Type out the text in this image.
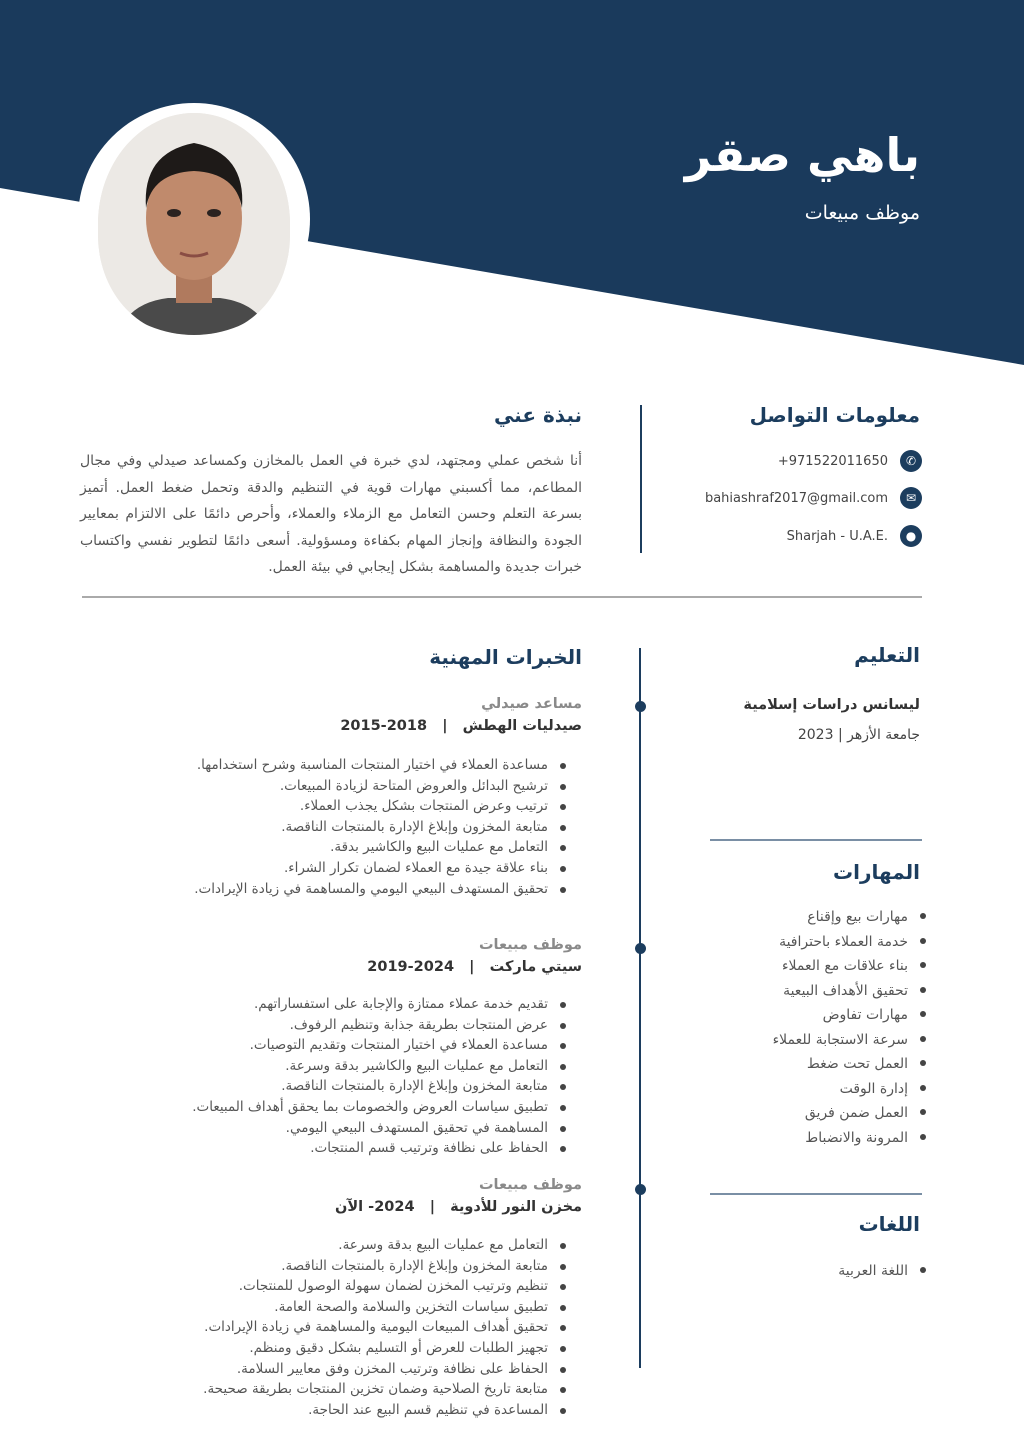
باهي صقر
موظف مبيعات
معلومات التواصل
+971522011650	✆
bahiashraf2017@gmail.com	✉
Sharjah - U.A.E.	●
نبذة عني
أنا شخص عملي ومجتهد، لدي خبرة في العمل بالمخازن وكمساعد صيدلي وفي مجال المطاعم، مما أكسبني مهارات قوية في التنظيم والدقة وتحمل ضغط العمل. أتميز بسرعة التعلم وحسن التعامل مع الزملاء والعملاء، وأحرص دائمًا على الالتزام بمعايير الجودة والنظافة وإنجاز المهام بكفاءة ومسؤولية. أسعى دائمًا لتطوير نفسي واكتساب خبرات جديدة والمساهمة بشكل إيجابي في بيئة العمل.
التعليم
ليسانس دراسات إسلامية
جامعة الأزهر | 2023
المهارات
مهارات بيع وإقناع
خدمة العملاء باحترافية
بناء علاقات مع العملاء
تحقيق الأهداف البيعية
مهارات تفاوض
سرعة الاستجابة للعملاء
العمل تحت ضغط
إدارة الوقت
العمل ضمن فريق
المرونة والانضباط
اللغات
اللغة العربية
الخبرات المهنية
مساعد صيدلي
صيدليات الهطش   |   2018-2015
مساعدة العملاء في اختيار المنتجات المناسبة وشرح استخدامها.
ترشيح البدائل والعروض المتاحة لزيادة المبيعات.
ترتيب وعرض المنتجات بشكل يجذب العملاء.
متابعة المخزون وإبلاغ الإدارة بالمنتجات الناقصة.
التعامل مع عمليات البيع والكاشير بدقة.
بناء علاقة جيدة مع العملاء لضمان تكرار الشراء.
تحقيق المستهدف البيعي اليومي والمساهمة في زيادة الإيرادات.
موظف مبيعات
سيتي ماركت   |   2024-2019
تقديم خدمة عملاء ممتازة والإجابة على استفساراتهم.
عرض المنتجات بطريقة جذابة وتنظيم الرفوف.
مساعدة العملاء في اختيار المنتجات وتقديم التوصيات.
التعامل مع عمليات البيع والكاشير بدقة وسرعة.
متابعة المخزون وإبلاغ الإدارة بالمنتجات الناقصة.
تطبيق سياسات العروض والخصومات بما يحقق أهداف المبيعات.
المساهمة في تحقيق المستهدف البيعي اليومي.
الحفاظ على نظافة وترتيب قسم المنتجات.
موظف مبيعات
مخزن النور للأدوية   |   2024- الآن
التعامل مع عمليات البيع بدقة وسرعة.
متابعة المخزون وإبلاغ الإدارة بالمنتجات الناقصة.
تنظيم وترتيب المخزن لضمان سهولة الوصول للمنتجات.
تطبيق سياسات التخزين والسلامة والصحة العامة.
تحقيق أهداف المبيعات اليومية والمساهمة في زيادة الإيرادات.
تجهيز الطلبات للعرض أو التسليم بشكل دقيق ومنظم.
الحفاظ على نظافة وترتيب المخزن وفق معايير السلامة.
متابعة تاريخ الصلاحية وضمان تخزين المنتجات بطريقة صحيحة.
المساعدة في تنظيم قسم البيع عند الحاجة.
